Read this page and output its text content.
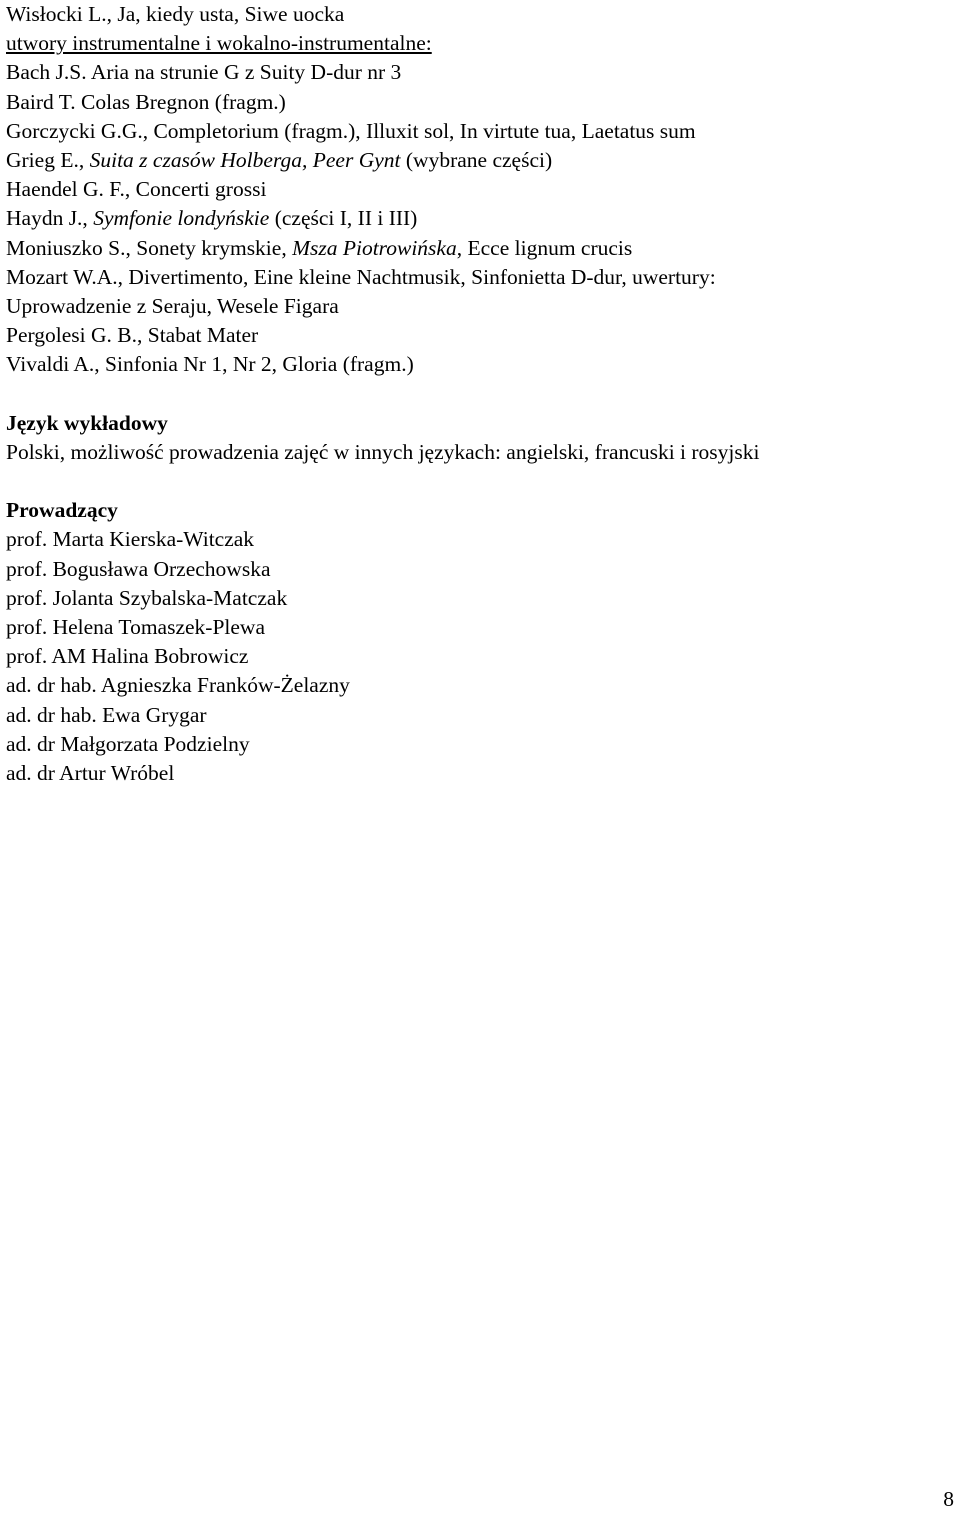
Wisłocki L., Ja, kiedy usta, Siwe uocka
utwory instrumentalne i wokalno-instrumentalne:
Bach J.S. Aria na strunie G z Suity D-dur nr 3
Baird T. Colas Bregnon (fragm.)
Gorczycki G.G., Completorium (fragm.), Illuxit sol, In virtute tua, Laetatus sum
Grieg E., Suita z czasów Holberga, Peer Gynt (wybrane części)
Haendel G. F., Concerti grossi
Haydn J., Symfonie londyńskie (części I, II i III)
Moniuszko S., Sonety krymskie, Msza Piotrowińska, Ecce lignum crucis
Mozart W.A., Divertimento, Eine kleine Nachtmusik, Sinfonietta D-dur, uwertury:
Uprowadzenie z Seraju, Wesele Figara
Pergolesi G. B., Stabat Mater
Vivaldi A., Sinfonia Nr 1, Nr 2, Gloria (fragm.)
Język wykładowy
Polski, możliwość prowadzenia zajęć w innych językach: angielski, francuski i rosyjski
Prowadzący
prof. Marta Kierska-Witczak
prof. Bogusława Orzechowska
prof. Jolanta Szybalska-Matczak
prof. Helena Tomaszek-Plewa
prof. AM Halina Bobrowicz
ad. dr hab. Agnieszka Franków-Żelazny
ad. dr hab. Ewa Grygar
ad. dr Małgorzata Podzielny
ad. dr Artur Wróbel
8
